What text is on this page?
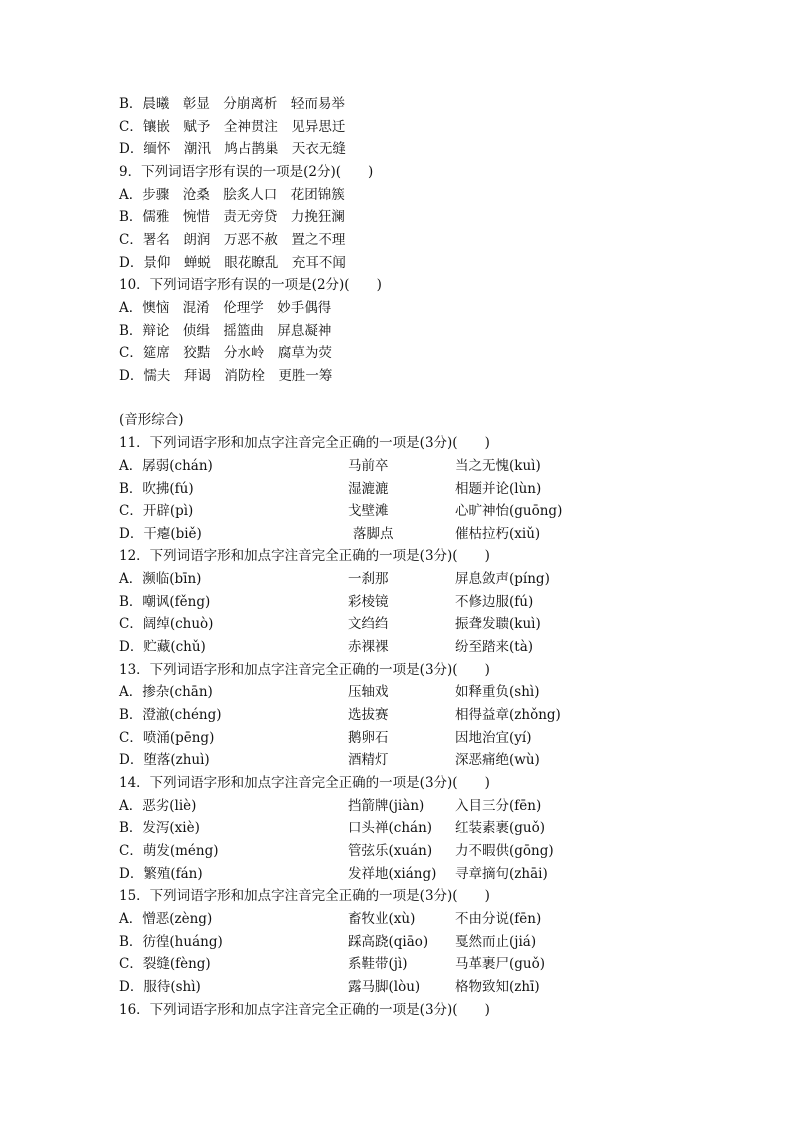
B．晨曦　彰显　分崩离析　轻而易举
C．镶嵌　赋予　全神贯注　见异思迁
D．缅怀　潮汛　鸠占鹊巢　天衣无缝
9．下列词语字形有误的一项是(2分)(　　)
A．步骤　沧桑　脍炙人口　花团锦簇
B．儒雅　惋惜　责无旁贷　力挽狂澜
C．署名　朗润　万恶不赦　置之不理
D．景仰　蝉蜕　眼花瞭乱　充耳不闻
10．下列词语字形有误的一项是(2分)(　　)
A．懊恼　混淆　伦理学　妙手偶得
B．辩论　侦缉　摇篮曲　屏息凝神
C．筵席　狡黠　分水岭　腐草为荧
D．懦夫　拜谒　消防栓　更胜一筹
(音形综合)
11．下列词语字形和加点字注音完全正确的一项是(3分)(　　)
A．孱弱(chán)	马前卒	当之无愧(kuì)
B．吹拂(fú)	湿漉漉	相题并论(lùn)
C．开辟(pì)	戈壁滩	心旷神怡(guōng)
D．干瘪(biě)	落脚点	催枯拉朽(xiǔ)
12．下列词语字形和加点字注音完全正确的一项是(3分)(　　)
A．濒临(bīn)	一刹那	屏息敛声(píng)
B．嘲讽(fěng)	彩棱镜	不修边服(fú)
C．阔绰(chuò)	文绉绉	振聋发聩(kuì)
D．贮藏(chǔ)	赤裸裸	纷至踏来(tà)
13．下列词语字形和加点字注音完全正确的一项是(3分)(　　)
A．掺杂(chān)	压轴戏	如释重负(shì)
B．澄澈(chéng)	选拔赛	相得益章(zhǒng)
C．喷涌(pēng)	鹅卵石	因地治宜(yí)
D．堕落(zhuì)	酒精灯	深恶痛绝(wù)
14．下列词语字形和加点字注音完全正确的一项是(3分)(　　)
A．恶劣(liè)	挡箭牌(jiàn) 入目三分(fēn)
B．发泻(xiè)	口头禅(chán) 红装素裹(guǒ)
C．萌发(méng)	管弦乐(xuán) 力不暇供(gōng)
D．繁殖(fán)	发祥地(xiáng) 寻章摘句(zhāi)
15．下列词语字形和加点字注音完全正确的一项是(3分)(　　)
A．憎恶(zèng)	畜牧业(xù)	不由分说(fēn)
B．彷徨(huáng)	踩高跷(qiāo) 戛然而止(jiá)
C．裂缝(fèng)	系鞋带(jì)	马革裹尸(guǒ)
D．服待(shì)	露马脚(lòu)	格物致知(zhī)
16．下列词语字形和加点字注音完全正确的一项是(3分)(　　)
